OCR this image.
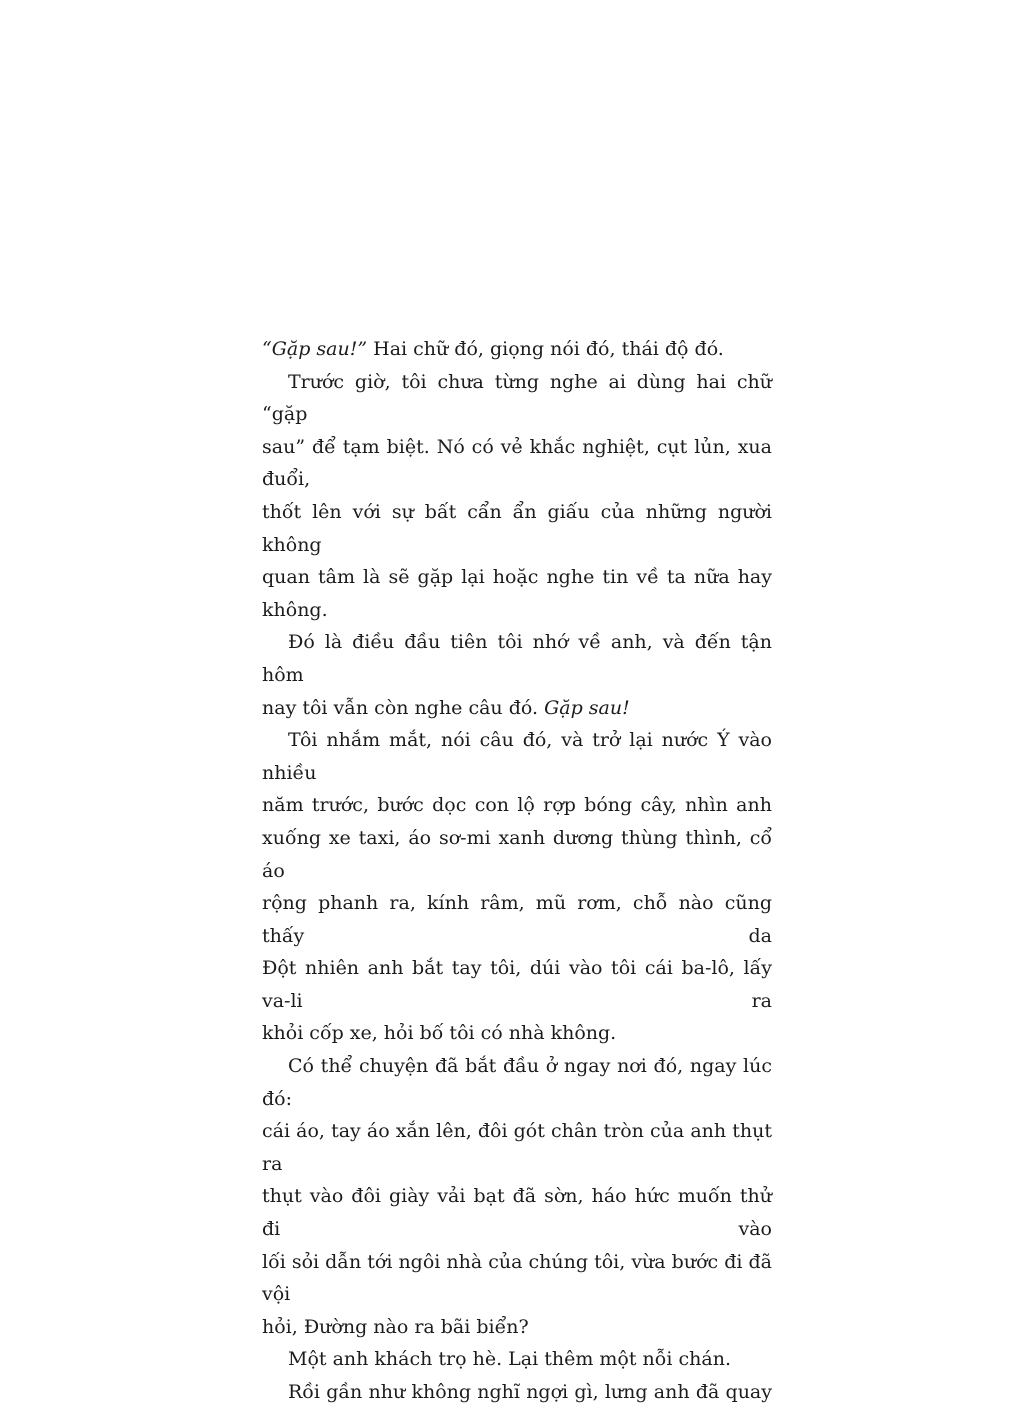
“Gặp sau!” Hai chữ đó, giọng nói đó, thái độ đó.
Trước giờ, tôi chưa từng nghe ai dùng hai chữ “gặp
sau” để tạm biệt. Nó có vẻ khắc nghiệt, cụt lủn, xua đuổi,
thốt lên với sự bất cẩn ẩn giấu của những người không
quan tâm là sẽ gặp lại hoặc nghe tin về ta nữa hay không.
Đó là điều đầu tiên tôi nhớ về anh, và đến tận hôm
nay tôi vẫn còn nghe câu đó. Gặp sau!
Tôi nhắm mắt, nói câu đó, và trở lại nước Ý vào nhiều
năm trước, bước dọc con lộ rợp bóng cây, nhìn anh
xuống xe taxi, áo sơ-mi xanh dương thùng thình, cổ áo
rộng phanh ra, kính râm, mũ rơm, chỗ nào cũng thấy da
Đột nhiên anh bắt tay tôi, dúi vào tôi cái ba-lô, lấy va-li ra
khỏi cốp xe, hỏi bố tôi có nhà không.
Có thể chuyện đã bắt đầu ở ngay nơi đó, ngay lúc đó:
cái áo, tay áo xắn lên, đôi gót chân tròn của anh thụt ra
thụt vào đôi giày vải bạt đã sờn, háo hức muốn thử đi vào
lối sỏi dẫn tới ngôi nhà của chúng tôi, vừa bước đi đã vội
hỏi, Đường nào ra bãi biển?
Một anh khách trọ hè. Lại thêm một nỗi chán.
Rồi gần như không nghĩ ngợi gì, lưng anh đã quay
